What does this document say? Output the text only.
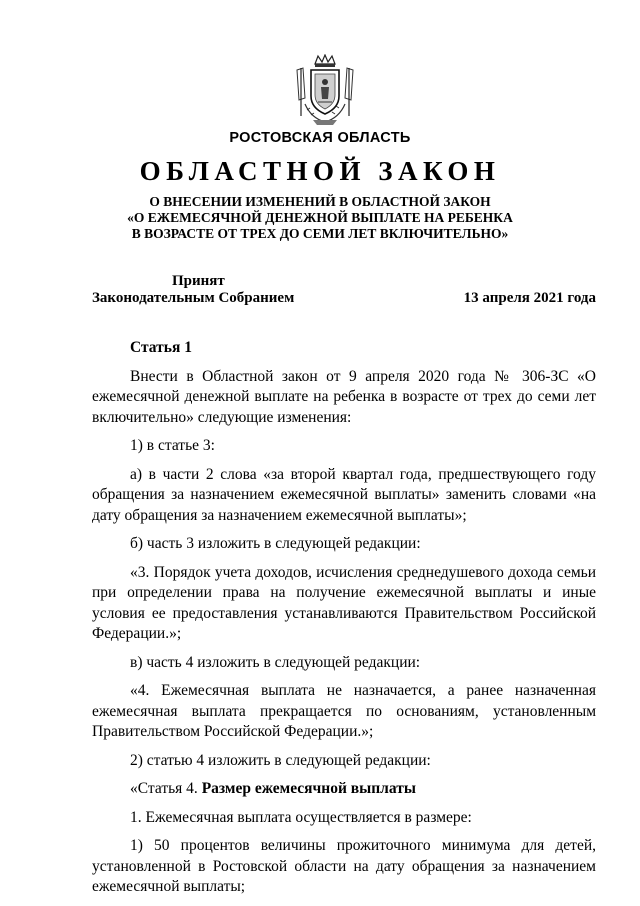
РОСТОВСКАЯ ОБЛАСТЬ
ОБЛАСТНОЙ ЗАКОН
О ВНЕСЕНИИ ИЗМЕНЕНИЙ В ОБЛАСТНОЙ ЗАКОН
«О ЕЖЕМЕСЯЧНОЙ ДЕНЕЖНОЙ ВЫПЛАТЕ НА РЕБЕНКА
В ВОЗРАСТЕ ОТ ТРЕХ ДО СЕМИ ЛЕТ ВКЛЮЧИТЕЛЬНО»
Принят
Законодательным Собранием	13 апреля 2021 года

Статья 1

Внести в Областной закон от 9 апреля 2020 года № 306-ЗС «О ежемесячной денежной выплате на ребенка в возрасте от трех до семи лет включительно» следующие изменения:

1) в статье 3:

а) в части 2 слова «за второй квартал года, предшествующего году обращения за назначением ежемесячной выплаты» заменить словами «на дату обращения за назначением ежемесячной выплаты»;

б) часть 3 изложить в следующей редакции:

«3. Порядок учета доходов, исчисления среднедушевого дохода семьи при определении права на получение ежемесячной выплаты и иные условия ее предоставления устанавливаются Правительством Российской Федерации.»;

в) часть 4 изложить в следующей редакции:

«4. Ежемесячная выплата не назначается, а ранее назначенная ежемесячная выплата прекращается по основаниям, установленным Правительством Российской Федерации.»;

2) статью 4 изложить в следующей редакции:

«Статья 4. Размер ежемесячной выплаты

1. Ежемесячная выплата осуществляется в размере:

1) 50 процентов величины прожиточного минимума для детей, установленной в Ростовской области на дату обращения за назначением ежемесячной выплаты;
